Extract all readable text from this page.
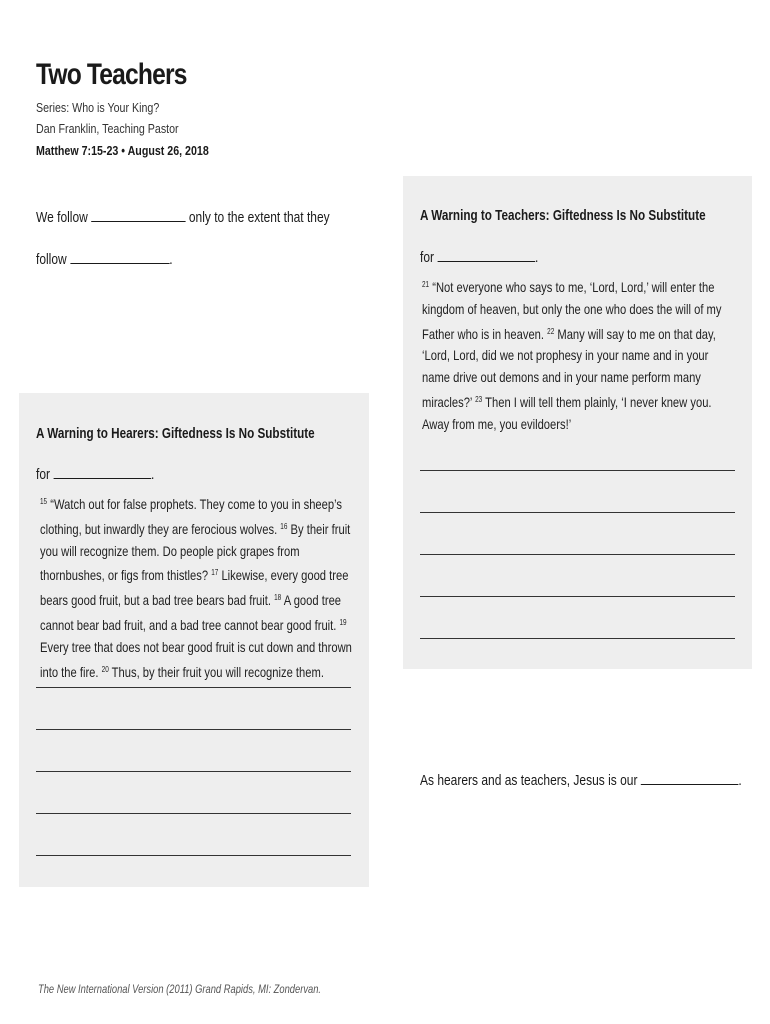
Two Teachers
Series: Who is Your King?
Dan Franklin, Teaching Pastor
Matthew 7:15-23 • August 26, 2018
We follow	only to the extent that they
follow	.
A Warning to Hearers: Giftedness Is No Substitute
for	.
$^{15}$ “Watch out for false prophets. They come to you in sheep’s clothing, but inwardly they are ferocious wolves. $^{16}$ By their fruit you will recognize them. Do people pick grapes from thornbushes, or figs from thistles? $^{17}$ Likewise, every good tree bears good fruit, but a bad tree bears bad fruit. $^{18}$ A good tree cannot bear bad fruit, and a bad tree cannot bear good fruit. $^{19}$ Every tree that does not bear good fruit is cut down and thrown into the fire. $^{20}$ Thus, by their fruit you will recognize them.
A Warning to Teachers: Giftedness Is No Substitute
for	.
$^{21}$ “Not everyone who says to me, ‘Lord, Lord,’ will enter the kingdom of heaven, but only the one who does the will of my Father who is in heaven. $^{22}$ Many will say to me on that day, ‘Lord, Lord, did we not prophesy in your name and in your name drive out demons and in your name perform many miracles?’ $^{23}$ Then I will tell them plainly, ‘I never knew you. Away from me, you evildoers!’
As hearers and as teachers, Jesus is our	.
The New International Version (2011) Grand Rapids, MI: Zondervan.
